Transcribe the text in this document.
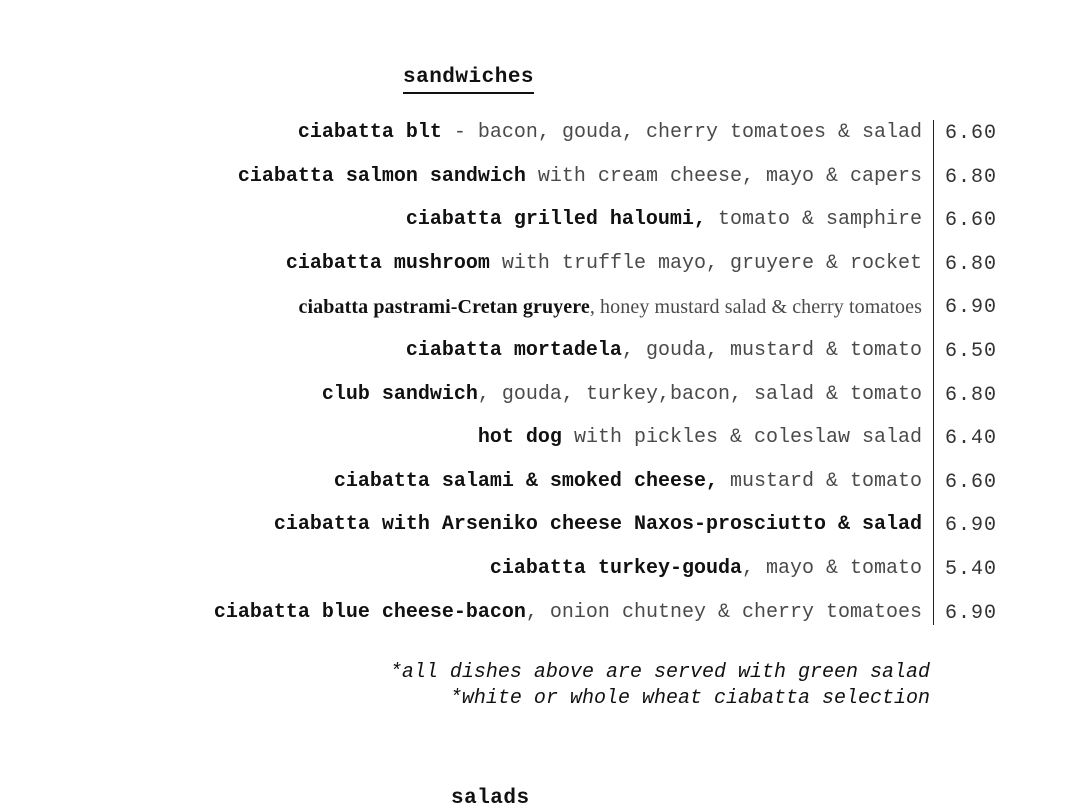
sandwiches
ciabatta blt - bacon, gouda, cherry tomatoes & salad 6.60
ciabatta salmon sandwich with cream cheese, mayo & capers 6.80
ciabatta grilled haloumi, tomato & samphire 6.60
ciabatta mushroom with truffle mayo, gruyere & rocket 6.80
ciabatta pastrami-Cretan gruyere, honey mustard salad & cherry tomatoes 6.90
ciabatta mortadela, gouda, mustard & tomato 6.50
club sandwich, gouda, turkey,bacon, salad & tomato 6.80
hot dog with pickles & coleslaw salad 6.40
ciabatta salami & smoked cheese, mustard & tomato 6.60
ciabatta with Arseniko cheese Naxos-prosciutto & salad 6.90
ciabatta turkey-gouda, mayo & tomato 5.40
ciabatta blue cheese-bacon, onion chutney & cherry tomatoes 6.90
*all dishes above are served with green salad
*white or whole wheat ciabatta selection
salads
